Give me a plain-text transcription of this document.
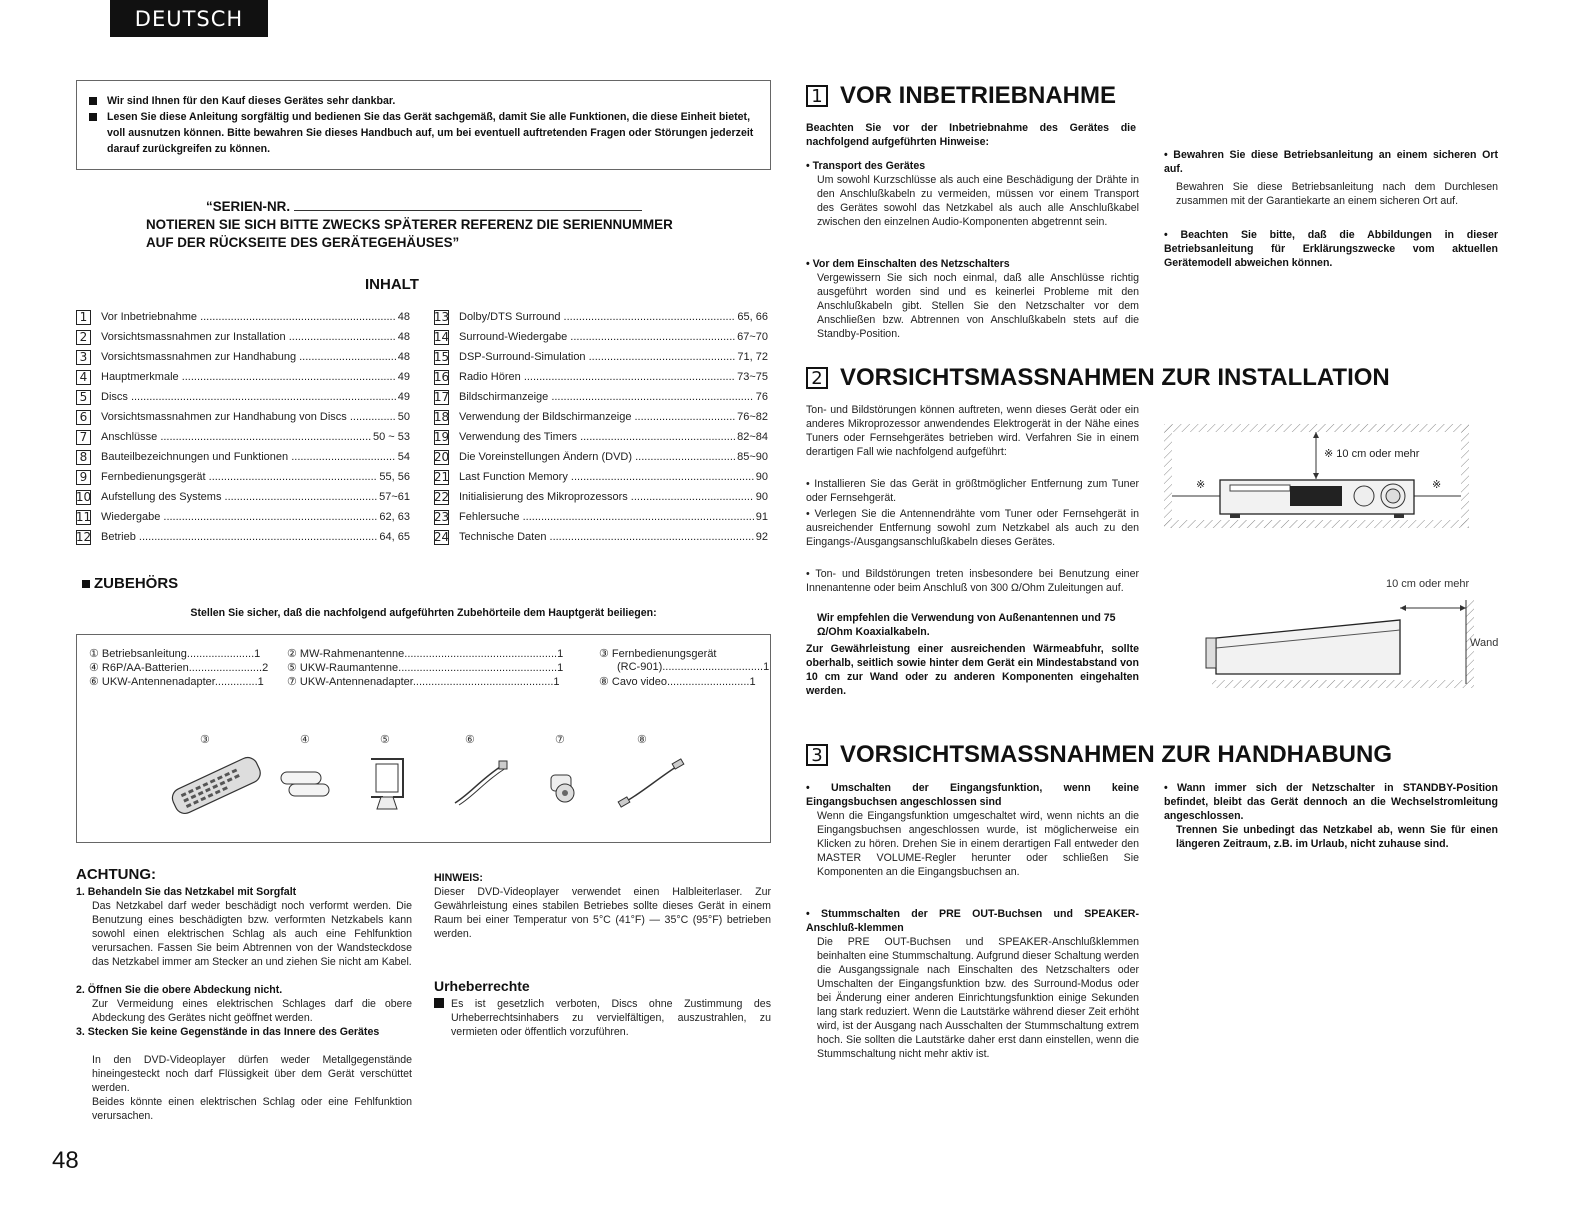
DEUTSCH
Wir sind Ihnen für den Kauf dieses Gerätes sehr dankbar.
Lesen Sie diese Anleitung sorgfältig und bedienen Sie das Gerät sachgemäß, damit Sie alle Funktionen, die diese Einheit bietet, voll ausnutzen können. Bitte bewahren Sie dieses Handbuch auf, um bei eventuell auftretenden Fragen oder Störungen jederzeit darauf zurückgreifen zu können.
“SERIEN-NR.
NOTIEREN SIE SICH BITTE ZWECKS SPÄTERER REFERENZ DIE SERIENNUMMER
AUF DER RÜCKSEITE DES GERÄTEGEHÄUSES”
INHALT
1	Vor Inbetriebnahme .....	48
2	Vorsichtsmassnahmen zur Installation .....	48
3	Vorsichtsmassnahmen zur Handhabung .....	48
4	Hauptmerkmale .....	49
5	Discs .....	49
6	Vorsichtsmassnahmen zur Handhabung von Discs .....	50
7	Anschlüsse .....	50 ~ 53
8	Bauteilbezeichnungen und Funktionen .....	54
9	Fernbedienungsgerät .....	55, 56
10 Aufstellung des Systems .....	57~61
11 Wiedergabe .....	62, 63
12 Betrieb .....	64, 65
13 Dolby/DTS Surround .....	65, 66
14 Surround-Wiedergabe .....	67~70
15 DSP-Surround-Simulation .....	71, 72
16 Radio Hören .....	73~75
17 Bildschirmanzeige .....	76
18 Verwendung der Bildschirmanzeige .....	76~82
19 Verwendung des Timers .....	82~84
20 Die Voreinstellungen Ändern (DVD) .....	85~90
21 Last Function Memory .....	90
22 Initialisierung des Mikroprozessors .....	90
23 Fehlersuche .....	91
24 Technische Daten .....	92
ZUBEHÖRS
Stellen Sie sicher, daß die nachfolgend aufgeführten Zubehörteile dem Hauptgerät beiliegen:
① Betriebsanleitung......................1 ② MW-Rahmenantenne..................................................1	③ Fernbedienungsgerät
④ R6P/AA-Batterien........................2 ⑤ UKW-Raumantenne....................................................1	(RC-901).................................1
⑥ UKW-Antennenadapter..............1 ⑦ UKW-Antennenadapter..............................................1	⑧ Cavo video...........................1
③	④	⑤	⑥	⑦	⑧
ACHTUNG:
1. Behandeln Sie das Netzkabel mit Sorgfalt
Das Netzkabel darf weder beschädigt noch verformt werden. Die Benutzung eines beschädigten bzw. verformten Netzkabels kann sowohl einen elektrischen Schlag als auch eine Fehlfunktion verursachen. Fassen Sie beim Abtrennen von der Wandsteckdose das Netzkabel immer am Stecker an und ziehen Sie nicht am Kabel.
2. Öffnen Sie die obere Abdeckung nicht.
Zur Vermeidung eines elektrischen Schlages darf die obere Abdeckung des Gerätes nicht geöffnet werden.
3. Stecken Sie keine Gegenstände in das Innere des Gerätes
In den DVD-Videoplayer dürfen weder Metallgegenstände hineingesteckt noch darf Flüssigkeit über dem Gerät verschüttet werden.
Beides könnte einen elektrischen Schlag oder eine Fehlfunktion verursachen.
HINWEIS:
Dieser DVD-Videoplayer verwendet einen Halbleiterlaser. Zur Gewährleistung eines stabilen Betriebes sollte dieses Gerät in einem Raum bei einer Temperatur von 5°C (41°F) — 35°C (95°F) betrieben werden.
Urheberrechte
Es ist gesetzlich verboten, Discs ohne Zustimmung des Urheberrechtsinhabers zu vervielfältigen, auszustrahlen, zu vermieten oder öffentlich vorzuführen.
1 VOR INBETRIEBNAHME
Beachten Sie vor der Inbetriebnahme des Gerätes die nachfolgend aufgeführten Hinweise:
• Transport des Gerätes
Um sowohl Kurzschlüsse als auch eine Beschädigung der Drähte in den Anschlußkabeln zu vermeiden, müssen vor einem Transport des Gerätes sowohl das Netzkabel als auch alle Anschlußkabel zwischen den einzelnen Audio-Komponenten abgetrennt sein.
• Vor dem Einschalten des Netzschalters
Vergewissern Sie sich noch einmal, daß alle Anschlüsse richtig ausgeführt worden sind und es keinerlei Probleme mit den Anschlußkabeln gibt. Stellen Sie den Netzschalter vor dem Anschließen bzw. Abtrennen von Anschlußkabeln stets auf die Standby-Position.
• Bewahren Sie diese Betriebsanleitung an einem sicheren Ort auf.
Bewahren Sie diese Betriebsanleitung nach dem Durchlesen zusammen mit der Garantiekarte an einem sicheren Ort auf.
• Beachten Sie bitte, daß die Abbildungen in dieser Betriebsanleitung für Erklärungszwecke vom aktuellen Gerätemodell abweichen können.
2 VORSICHTSMASSNAHMEN ZUR INSTALLATION
Ton- und Bildstörungen können auftreten, wenn dieses Gerät oder ein anderes Mikroprozessor anwendendes Elektrogerät in der Nähe eines Tuners oder Fernsehgerätes betrieben wird. Verfahren Sie in einem derartigen Fall wie nachfolgend aufgeführt:
• Installieren Sie das Gerät in größtmöglicher Entfernung zum Tuner oder Fernsehgerät.
• Verlegen Sie die Antennendrähte vom Tuner oder Fernsehgerät in ausreichender Entfernung sowohl zum Netzkabel als auch zu den Eingangs-/Ausgangsanschlußkabeln dieses Gerätes.
• Ton- und Bildstörungen treten insbesondere bei Benutzung einer Innenantenne oder beim Anschluß von 300 Ω/Ohm Zuleitungen auf.
Wir empfehlen die Verwendung von Außenantennen und 75 Ω/Ohm Koaxialkabeln.
Zur Gewährleistung einer ausreichenden Wärmeabfuhr, sollte oberhalb, seitlich sowie hinter dem Gerät ein Mindestabstand von 10 cm zur Wand oder zu anderen Komponenten eingehalten werden.
※ 10 cm oder mehr
※	※
10 cm oder mehr
Wand
3 VORSICHTSMASSNAHMEN ZUR HANDHABUNG
• Umschalten der Eingangsfunktion, wenn keine Eingangsbuchsen angeschlossen sind
Wenn die Eingangsfunktion umgeschaltet wird, wenn nichts an die Eingangsbuchsen angeschlossen wurde, ist möglicherweise ein Klicken zu hören. Drehen Sie in einem derartigen Fall entweder den MASTER VOLUME-Regler herunter oder schließen Sie Komponenten an die Eingangsbuchsen an.
• Stummschalten der PRE OUT-Buchsen und SPEAKER-Anschluß-klemmen
Die PRE OUT-Buchsen und SPEAKER-Anschlußklemmen beinhalten eine Stummschaltung. Aufgrund dieser Schaltung werden die Ausgangssignale nach Einschalten des Netzschalters oder Umschalten der Eingangsfunktion bzw. des Surround-Modus oder bei Änderung einer anderen Einrichtungsfunktion einige Sekunden lang stark reduziert. Wenn die Lautstärke während dieser Zeit erhöht wird, ist der Ausgang nach Ausschalten der Stummschaltung extrem hoch. Sie sollten die Lautstärke daher erst dann einstellen, wenn die Stummschaltung nicht mehr aktiv ist.
• Wann immer sich der Netzschalter in STANDBY-Position befindet, bleibt das Gerät dennoch an die Wechselstromleitung angeschlossen.
Trennen Sie unbedingt das Netzkabel ab, wenn Sie für einen längeren Zeitraum, z.B. im Urlaub, nicht zuhause sind.
48
